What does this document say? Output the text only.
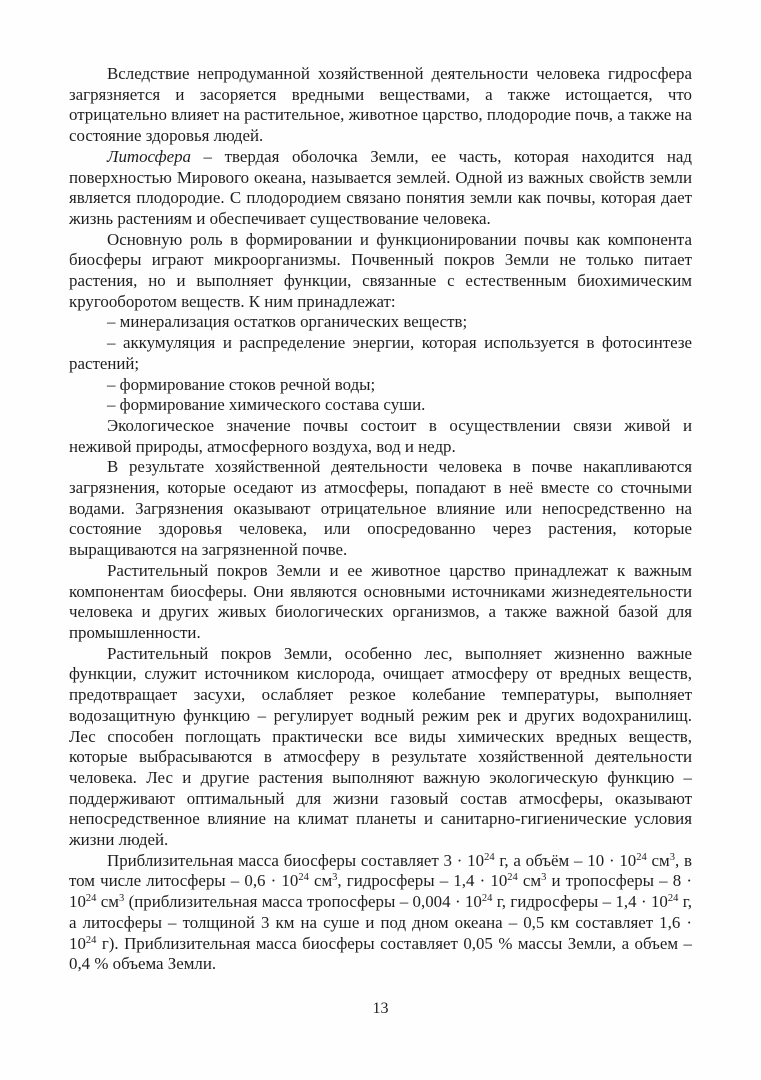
Вследствие непродуманной хозяйственной деятельности человека гидросфера загрязняется и засоряется вредными веществами, а также истощается, что отрицательно влияет на растительное, животное царство, плодородие почв, а также на состояние здоровья людей.

Литосфера – твердая оболочка Земли, ее часть, которая находится над поверхностью Мирового океана, называется землей. Одной из важных свойств земли является плодородие. С плодородием связано понятия земли как почвы, которая дает жизнь растениям и обеспечивает существование человека.

Основную роль в формировании и функционировании почвы как компонента биосферы играют микроорганизмы. Почвенный покров Земли не только питает растения, но и выполняет функции, связанные с естественным биохимическим кругооборотом веществ. К ним принадлежат:

– минерализация остатков органических веществ;

– аккумуляция и распределение энергии, которая используется в фотосинтезе растений;

– формирование стоков речной воды;

– формирование химического состава суши.

Экологическое значение почвы состоит в осуществлении связи живой и неживой природы, атмосферного воздуха, вод и недр.

В результате хозяйственной деятельности человека в почве накапливаются загрязнения, которые оседают из атмосферы, попадают в неё вместе со сточными водами. Загрязнения оказывают отрицательное влияние или непосредственно на состояние здоровья человека, или опосредованно через растения, которые выращиваются на загрязненной почве.

Растительный покров Земли и ее животное царство принадлежат к важным компонентам биосферы. Они являются основными источниками жизнедеятельности человека и других живых биологических организмов, а также важной базой для промышленности.

Растительный покров Земли, особенно лес, выполняет жизненно важные функции, служит источником кислорода, очищает атмосферу от вредных веществ, предотвращает засухи, ослабляет резкое колебание температуры, выполняет водозащитную функцию – регулирует водный режим рек и других водохранилищ. Лес способен поглощать практически все виды химических вредных веществ, которые выбрасываются в атмосферу в результате хозяйственной деятельности человека. Лес и другие растения выполняют важную экологическую функцию – поддерживают оптимальный для жизни газовый состав атмосферы, оказывают непосредственное влияние на климат планеты и санитарно-гигиенические условия жизни людей.

Приблизительная масса биосферы составляет $3 \cdot 10^{24}$ г, а объём – $10 \cdot 10^{24}$ $см^3$, в том числе литосферы – $0,6 \cdot 10^{24}$ $см^3$, гидросферы – $1,4 \cdot 10^{24}$ $см^3$ и тропосферы – $8 \cdot 10^{24}$ $см^3$ (приблизительная масса тропосферы – $0,004 \cdot 10^{24}$ г, гидросферы – $1,4 \cdot 10^{24}$ г, а литосферы – толщиной 3 км на суше и под дном океана – 0,5 км составляет $1,6 \cdot 10^{24}$ г). Приблизительная масса биосферы составляет 0,05 % массы Земли, а объем – 0,4 % объема Земли.

13
